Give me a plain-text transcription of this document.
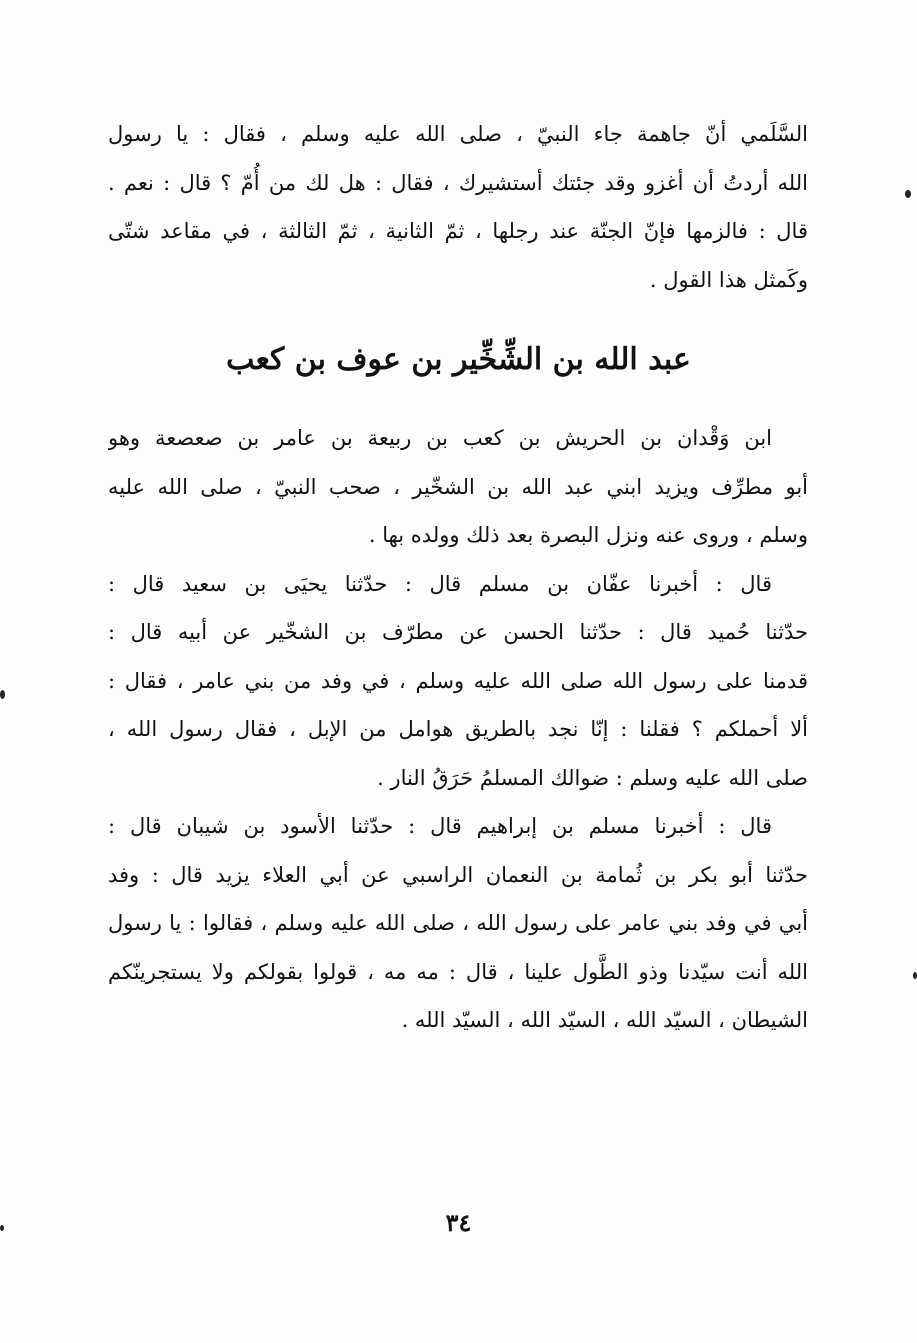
السَّلَمي أنّ جاهمة جاء النبيّ ، صلى الله عليه وسلم ، فقال : يا رسول
الله أردتُ أن أغزو وقد جئتك أستشيرك ، فقال : هل لك من أُمّ ؟ قال : نعم .
قال : فالزمها فإنّ الجنّة عند رجلها ، ثمّ الثانية ، ثمّ الثالثة ، في مقاعد شتّى
وكَمثل هذا القول .
عبد الله بن الشِّخِّير بن عوف بن كعب
ابن وَقْدان بن الحريش بن كعب بن ربيعة بن عامر بن صعصعة وهو
أبو مطرِّف ويزيد ابني عبد الله بن الشخّير ، صحب النبيّ ، صلى الله عليه
وسلم ، وروى عنه ونزل البصرة بعد ذلك وولده بها .
قال : أخبرنا عفّان بن مسلم قال : حدّثنا يحيَى بن سعيد قال :
حدّثنا حُميد قال : حدّثنا الحسن عن مطرّف بن الشخّير عن أبيه قال :
قدمنا على رسول الله صلى الله عليه وسلم ، في وفد من بني عامر ، فقال :
ألا أحملكم ؟ فقلنا : إنّا نجد بالطريق هوامل من الإبل ، فقال رسول الله ،
صلى الله عليه وسلم : ضوالك المسلمُ حَرَقُ النار .
قال : أخبرنا مسلم بن إبراهيم قال : حدّثنا الأسود بن شيبان قال :
حدّثنا أبو بكر بن ثُمامة بن النعمان الراسبي عن أبي العلاء يزيد قال : وفد
أبي في وفد بني عامر على رسول الله ، صلى الله عليه وسلم ، فقالوا : يا رسول
الله أنت سيّدنا وذو الطَّول علينا ، قال : مه مه ، قولوا بقولكم ولا يستجرينّكم
الشيطان ، السيّد الله ، السيّد الله ، السيّد الله .
٣٤
